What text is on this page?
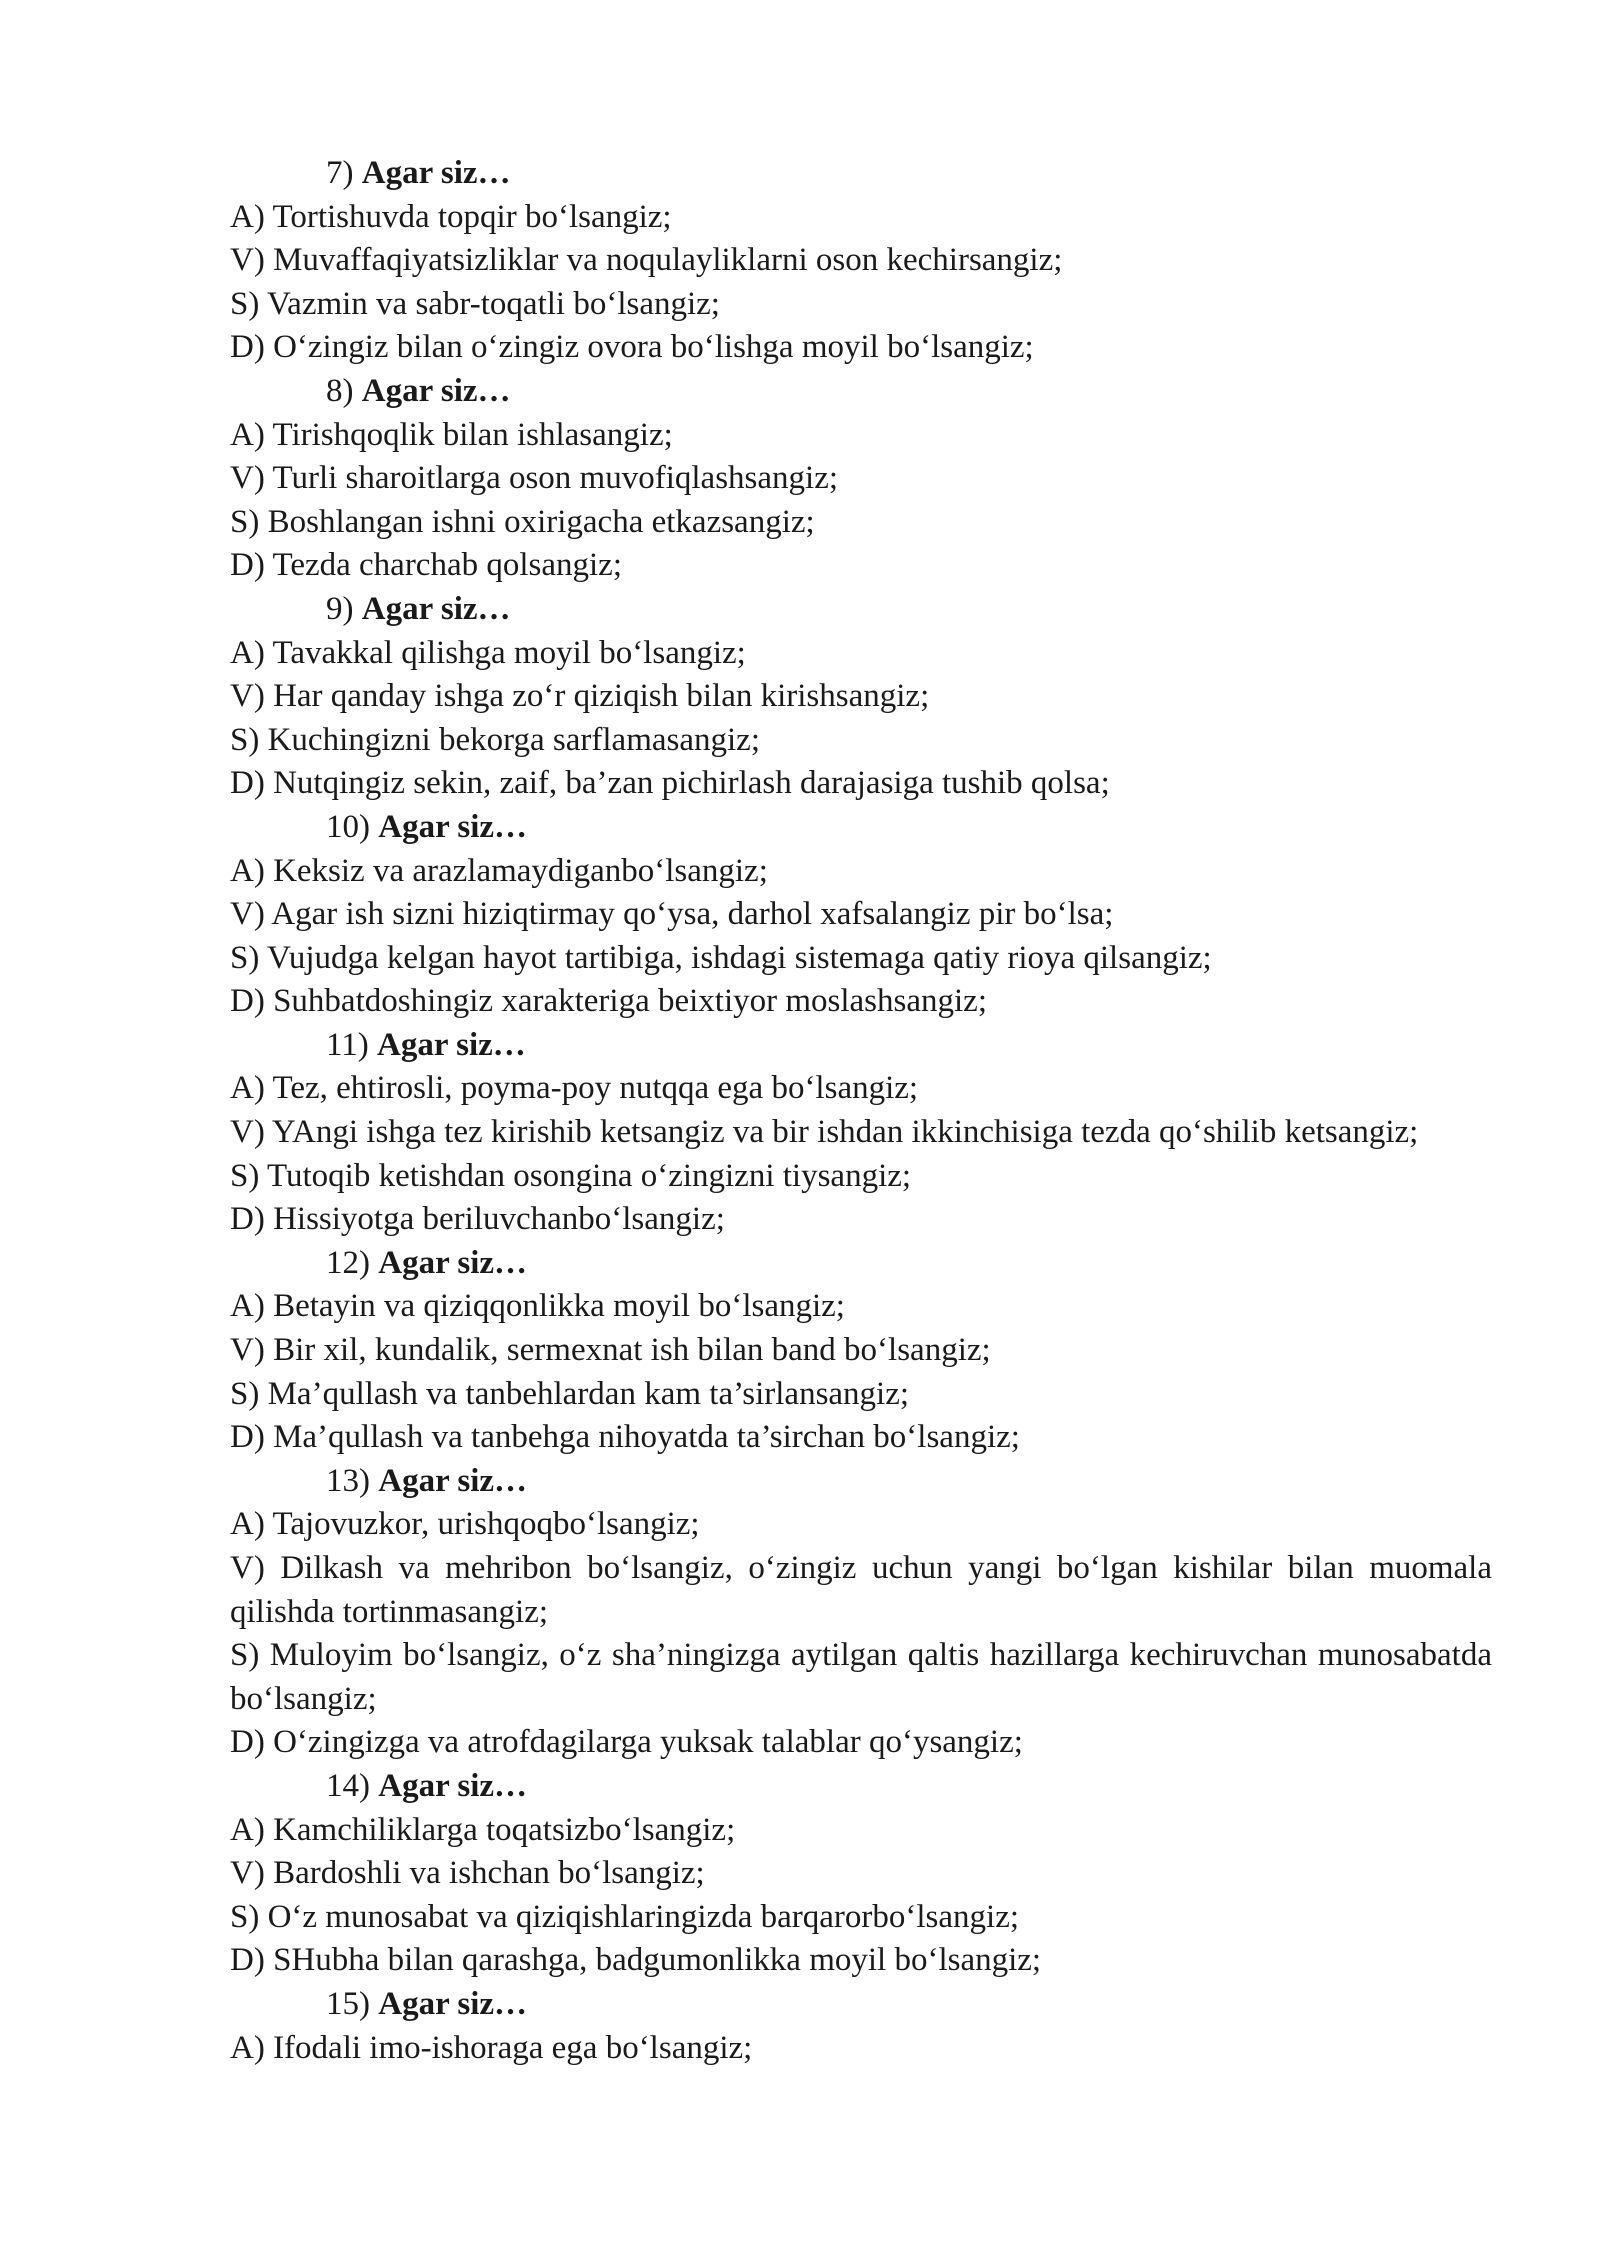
7) Agar siz…
A) Tortishuvda topqir bo‘lsangiz;
V) Muvaffaqiyatsizliklar va noqulayliklarni oson kechirsangiz;
S) Vazmin va sabr-toqatli bo‘lsangiz;
D) O‘zingiz bilan o‘zingiz ovora bo‘lishga moyil bo‘lsangiz;
8) Agar siz…
A) Tirishqoqlik bilan ishlasangiz;
V) Turli sharoitlarga oson muvofiqlashsangiz;
S) Boshlangan ishni oxirigacha etkazsangiz;
D) Tezda charchab qolsangiz;
9) Agar siz…
A) Tavakkal qilishga moyil bo‘lsangiz;
V) Har qanday ishga zo‘r qiziqish bilan kirishsangiz;
S) Kuchingizni bekorga sarflamasangiz;
D) Nutqingiz sekin, zaif, ba’zan pichirlash darajasiga tushib qolsa;
10) Agar siz…
A) Keksiz va arazlamaydiganbo‘lsangiz;
V) Agar ish sizni hiziqtirmay qo‘ysa, darhol xafsalangiz pir bo‘lsa;
S) Vujudga kelgan hayot tartibiga, ishdagi sistemaga qatiy rioya qilsangiz;
D) Suhbatdoshingiz xarakteriga beixtiyor moslashsangiz;
11) Agar siz…
A) Tez, ehtirosli, poyma-poy nutqqa ega bo‘lsangiz;
V) YAngi ishga tez kirishib ketsangiz va bir ishdan ikkinchisiga tezda qo‘shilib ketsangiz;
S) Tutoqib ketishdan osongina o‘zingizni tiysangiz;
D) Hissiyotga beriluvchanbo‘lsangiz;
12) Agar siz…
A) Betayin va qiziqqonlikka moyil bo‘lsangiz;
V) Bir xil, kundalik, sermexnat ish bilan band bo‘lsangiz;
S) Ma’qullash va tanbehlardan kam ta’sirlansangiz;
D) Ma’qullash va tanbehga nihoyatda ta’sirchan bo‘lsangiz;
13) Agar siz…
A) Tajovuzkor, urishqoqbo‘lsangiz;
V) Dilkash va mehribon bo‘lsangiz, o‘zingiz uchun yangi bo‘lgan kishilar bilan muomala qilishda tortinmasangiz;
S) Muloyim bo‘lsangiz, o‘z sha’ningizga aytilgan qaltis hazillarga kechiruvchan munosabatda bo‘lsangiz;
D) O‘zingizga va atrofdagilarga yuksak talablar qo‘ysangiz;
14) Agar siz…
A) Kamchiliklarga toqatsizbo‘lsangiz;
V) Bardoshli va ishchan bo‘lsangiz;
S) O‘z munosabat va qiziqishlaringizda barqarorbo‘lsangiz;
D) SHubha bilan qarashga, badgumonlikka moyil bo‘lsangiz;
15) Agar siz…
A) Ifodali imo-ishoraga ega bo‘lsangiz;
